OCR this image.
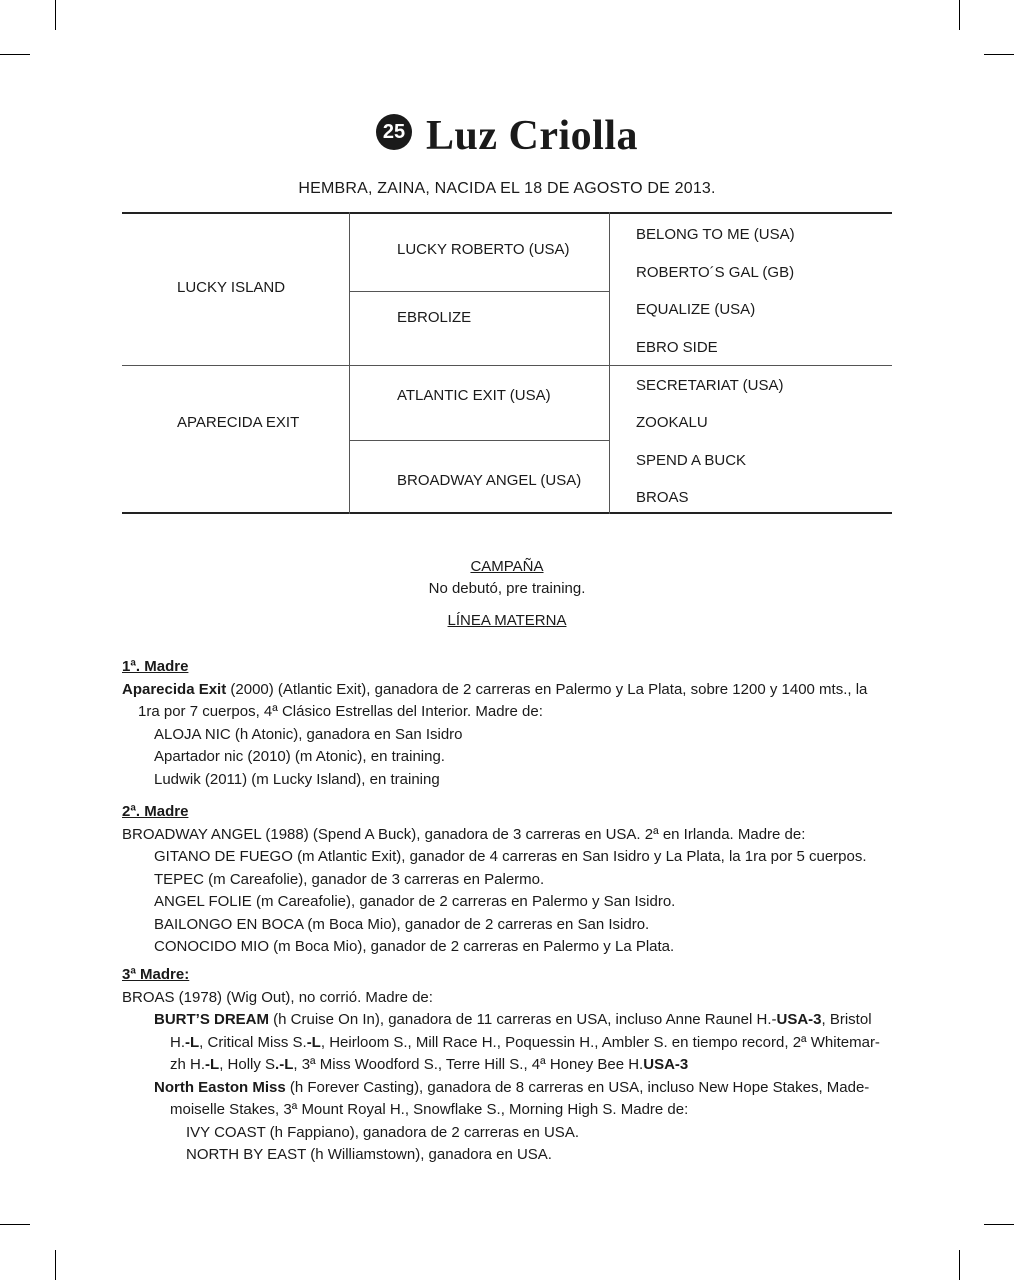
25 Luz Criolla
HEMBRA, ZAINA, NACIDA EL 18 DE AGOSTO DE 2013.
LUCKY ISLAND
APARECIDA EXIT
LUCKY ROBERTO (USA)
EBROLIZE
ATLANTIC EXIT (USA)
BROADWAY ANGEL (USA)
BELONG TO ME (USA)
ROBERTO´S GAL (GB)
EQUALIZE (USA)
EBRO SIDE
SECRETARIAT (USA)
ZOOKALU
SPEND A BUCK
BROAS
CAMPAÑA
No debutó, pre training.
LÍNEA MATERNA
1ª. Madre
Aparecida Exit (2000) (Atlantic Exit), ganadora de 2 carreras en Palermo y La Plata, sobre 1200 y 1400 mts., la
1ra por 7 cuerpos, 4ª Clásico Estrellas del Interior. Madre de:
ALOJA NIC (h Atonic), ganadora en San Isidro
Apartador nic (2010) (m Atonic), en training.
Ludwik (2011) (m Lucky Island), en training
2ª. Madre
BROADWAY ANGEL (1988) (Spend A Buck), ganadora de 3 carreras en USA. 2ª en Irlanda. Madre de:
GITANO DE FUEGO (m Atlantic Exit), ganador de 4 carreras en San Isidro y La Plata, la 1ra por 5 cuerpos.
TEPEC (m Careafolie), ganador de 3 carreras en Palermo.
ANGEL FOLIE (m Careafolie), ganador de 2 carreras en Palermo y San Isidro.
BAILONGO EN BOCA (m Boca Mio), ganador de 2 carreras en San Isidro.
CONOCIDO MIO (m Boca Mio), ganador de 2 carreras en Palermo y La Plata.
3ª Madre:
BROAS (1978) (Wig Out), no corrió. Madre de:
BURT’S DREAM (h Cruise On In), ganadora de 11 carreras en USA, incluso Anne Raunel H.-USA-3, Bristol
H.-L, Critical Miss S.-L, Heirloom S., Mill Race H., Poquessin H., Ambler S. en tiempo record, 2ª Whitemar-
zh H.-L, Holly S.-L, 3ª Miss Woodford S., Terre Hill S., 4ª Honey Bee H.USA-3
North Easton Miss (h Forever Casting), ganadora de 8 carreras en USA, incluso New Hope Stakes, Made-
moiselle Stakes, 3ª Mount Royal H., Snowflake S., Morning High S. Madre de:
IVY COAST (h Fappiano), ganadora de 2 carreras en USA.
NORTH BY EAST (h Williamstown), ganadora en USA.
